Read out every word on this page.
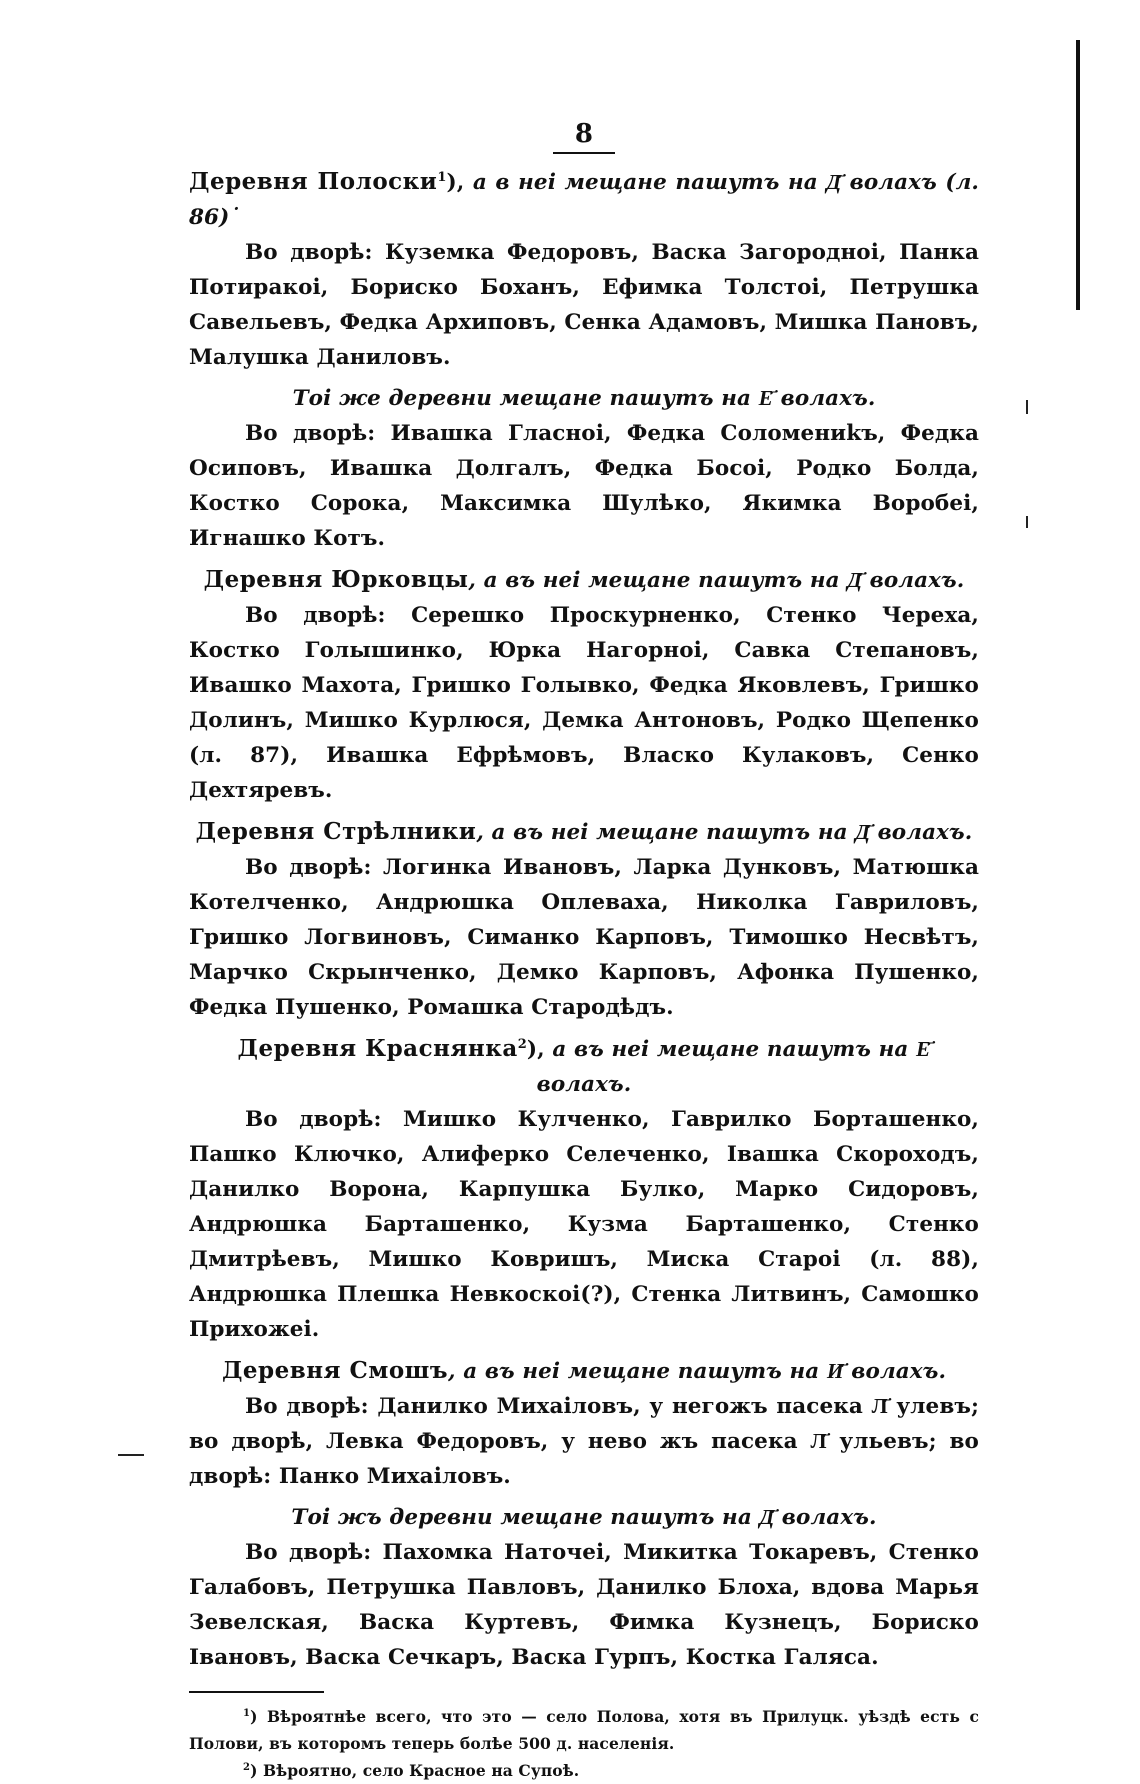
8

Деревня Полоски$^1$), а в неі мещане пашутъ на Д҃ волахъ (л. 86)˙

Во дворѣ: Куземка Федоровъ, Васка Загородноі, Панка Потиракоі, Бориско Боханъ, Ефимка Толстоі, Петрушка Савельевъ, Федка Архиповъ, Сенка Адамовъ, Мишка Пановъ, Малушка Даниловъ.

Тоі же деревни мещане пашутъ на Е҃ волахъ.

Во дворѣ: Ивашка Гласноі, Федка Соломениkъ, Федка Осиповъ, Ивашка Долгалъ, Федка Босоі, Родко Болда, Костко Сорока, Максимка Шулѣко, Якимка Воробеі, Игнашко Котъ.

Деревня Юрковцы, а въ неі мещане пашутъ на Д҃ волахъ.

Во дворѣ: Серешко Проскурненко, Стенко Череха, Костко Голышинко, Юрка Нагорноі, Савка Степановъ, Ивашко Махота, Гришко Голывко, Федка Яковлевъ, Гришко Долинъ, Мишко Курлюся, Демка Антоновъ, Родко Щепенко (л. 87), Ивашка Ефрѣмовъ, Власко Кулаковъ, Сенко Дехтяревъ.

Деревня Стрѣлники, а въ неі мещане пашутъ на Д҃ волахъ.

Во дворѣ: Логинка Ивановъ, Ларка Дунковъ, Матюшка Котелченко, Андрюшка Оплеваха, Николка Гавриловъ, Гришко Логвиновъ, Симанко Карповъ, Тимошко Несвѣтъ, Марчко Скрынченко, Демко Карповъ, Афонка Пушенко, Федка Пушенко, Ромашка Стародѣдъ.

Деревня Краснянка$^2$), а въ неі мещане пашутъ на Е҃ волахъ.

Во дворѣ: Мишко Кулченко, Гаврилко Борташенко, Пашко Ключко, Алиферко Селеченко, Івашка Скороходъ, Данилко Ворона, Карпушка Булко, Марко Сидоровъ, Андрюшка Барташенко, Кузма Барташенко, Стенко Дмитрѣевъ, Мишко Ковришъ, Миска Староі (л. 88), Андрюшка Плешка Невкоскоі(?), Стенка Литвинъ, Самошко Прихожеі.

Деревня Смошъ, а въ неі мещане пашутъ на И҃ волахъ.

Во дворѣ: Данилко Михаіловъ, у негожъ пасека Л҃ улевъ; во дворѣ, Левка Федоровъ, у нево жъ пасека Л҃ ульевъ; во дворѣ: Панко Михаіловъ.

Тоі жъ деревни мещане пашутъ на Д҃ волахъ.

Во дворѣ: Пахомка Наточеі, Микитка Токаревъ, Стенко Галабовъ, Петрушка Павловъ, Данилко Блоха, вдова Марья Зевелская, Васка Куртевъ, Фимка Кузнецъ, Бориско Івановъ, Васка Сечкаръ, Васка Гурпъ, Костка Галяса.

$^1$) Вѣроятнѣе всего, что это — село Полова, хотя въ Прилуцк. уѣздѣ есть с Полови, въ которомъ теперь болѣе 500 д. населенія.

$^2$) Вѣроятно, село Красное на Супоѣ.
